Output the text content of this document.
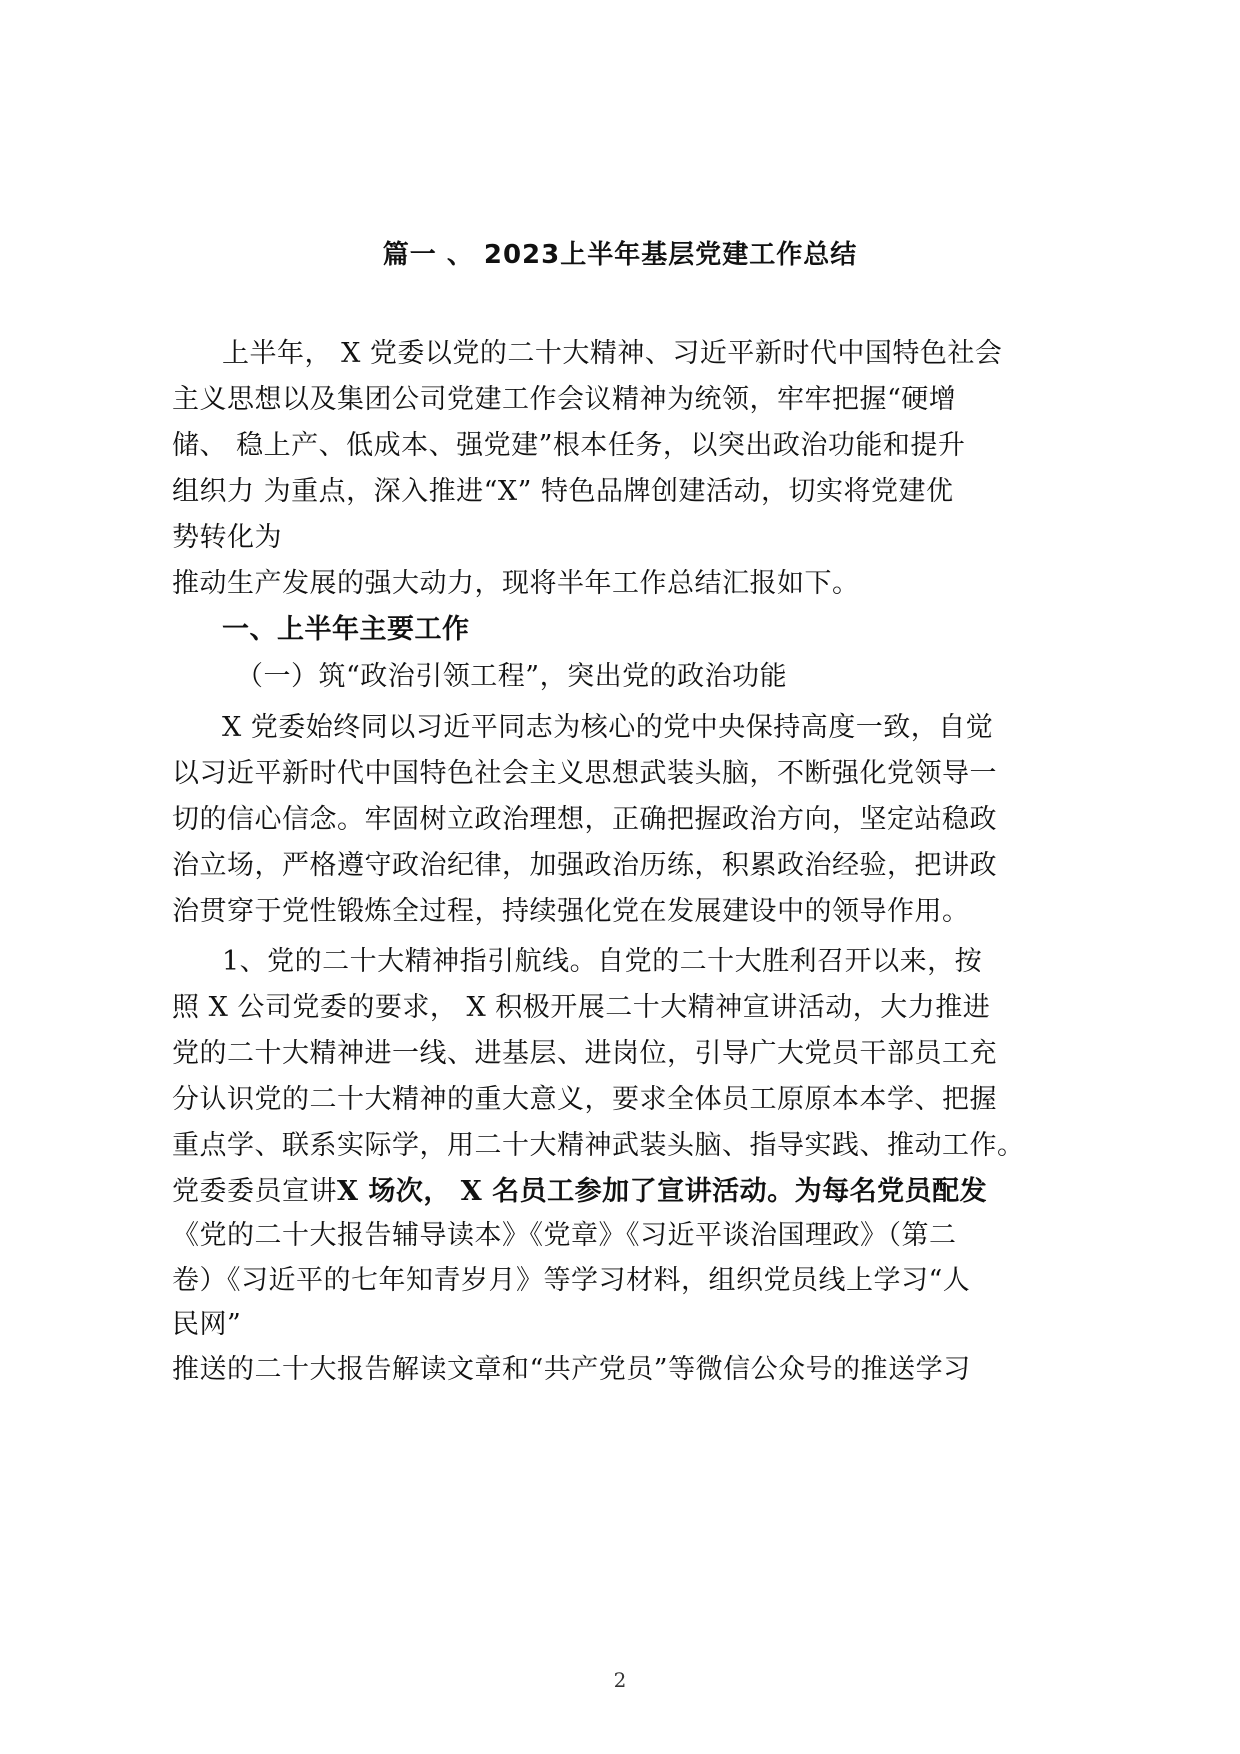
篇一 、 2023上半年基层党建工作总结
上半年， X 党委以党的二十大精神、习近平新时代中国特色社会
主义思想以及集团公司党建工作会议精神为统领，牢牢把握“硬增
储、 稳上产、低成本、强党建”根本任务，以突出政治功能和提升
组织力 为重点，深入推进“X” 特色品牌创建活动，切实将党建优
势转化为
推动生产发展的强大动力，现将半年工作总结汇报如下。
一、上半年主要工作
（一）筑“政治引领工程”，突出党的政治功能
X 党委始终同以习近平同志为核心的党中央保持高度一致，自觉
以习近平新时代中国特色社会主义思想武装头脑，不断强化党领导一
切的信心信念。牢固树立政治理想，正确把握政治方向，坚定站稳政
治立场，严格遵守政治纪律，加强政治历练，积累政治经验，把讲政
治贯穿于党性锻炼全过程，持续强化党在发展建设中的领导作用。
1、党的二十大精神指引航线。自党的二十大胜利召开以来，按
照 X 公司党委的要求， X 积极开展二十大精神宣讲活动，大力推进
党的二十大精神进一线、进基层、进岗位，引导广大党员干部员工充
分认识党的二十大精神的重大意义，要求全体员工原原本本学、把握
重点学、联系实际学，用二十大精神武装头脑、指导实践、推动工作。
党委委员宣讲X 场次， X 名员工参加了宣讲活动。为每名党员配发
《党的二十大报告辅导读本》《党章》《习近平谈治国理政》（第二
卷）《习近平的七年知青岁月》等学习材料，组织党员线上学习“人
民网”
推送的二十大报告解读文章和“共产党员”等微信公众号的推送学习
2
